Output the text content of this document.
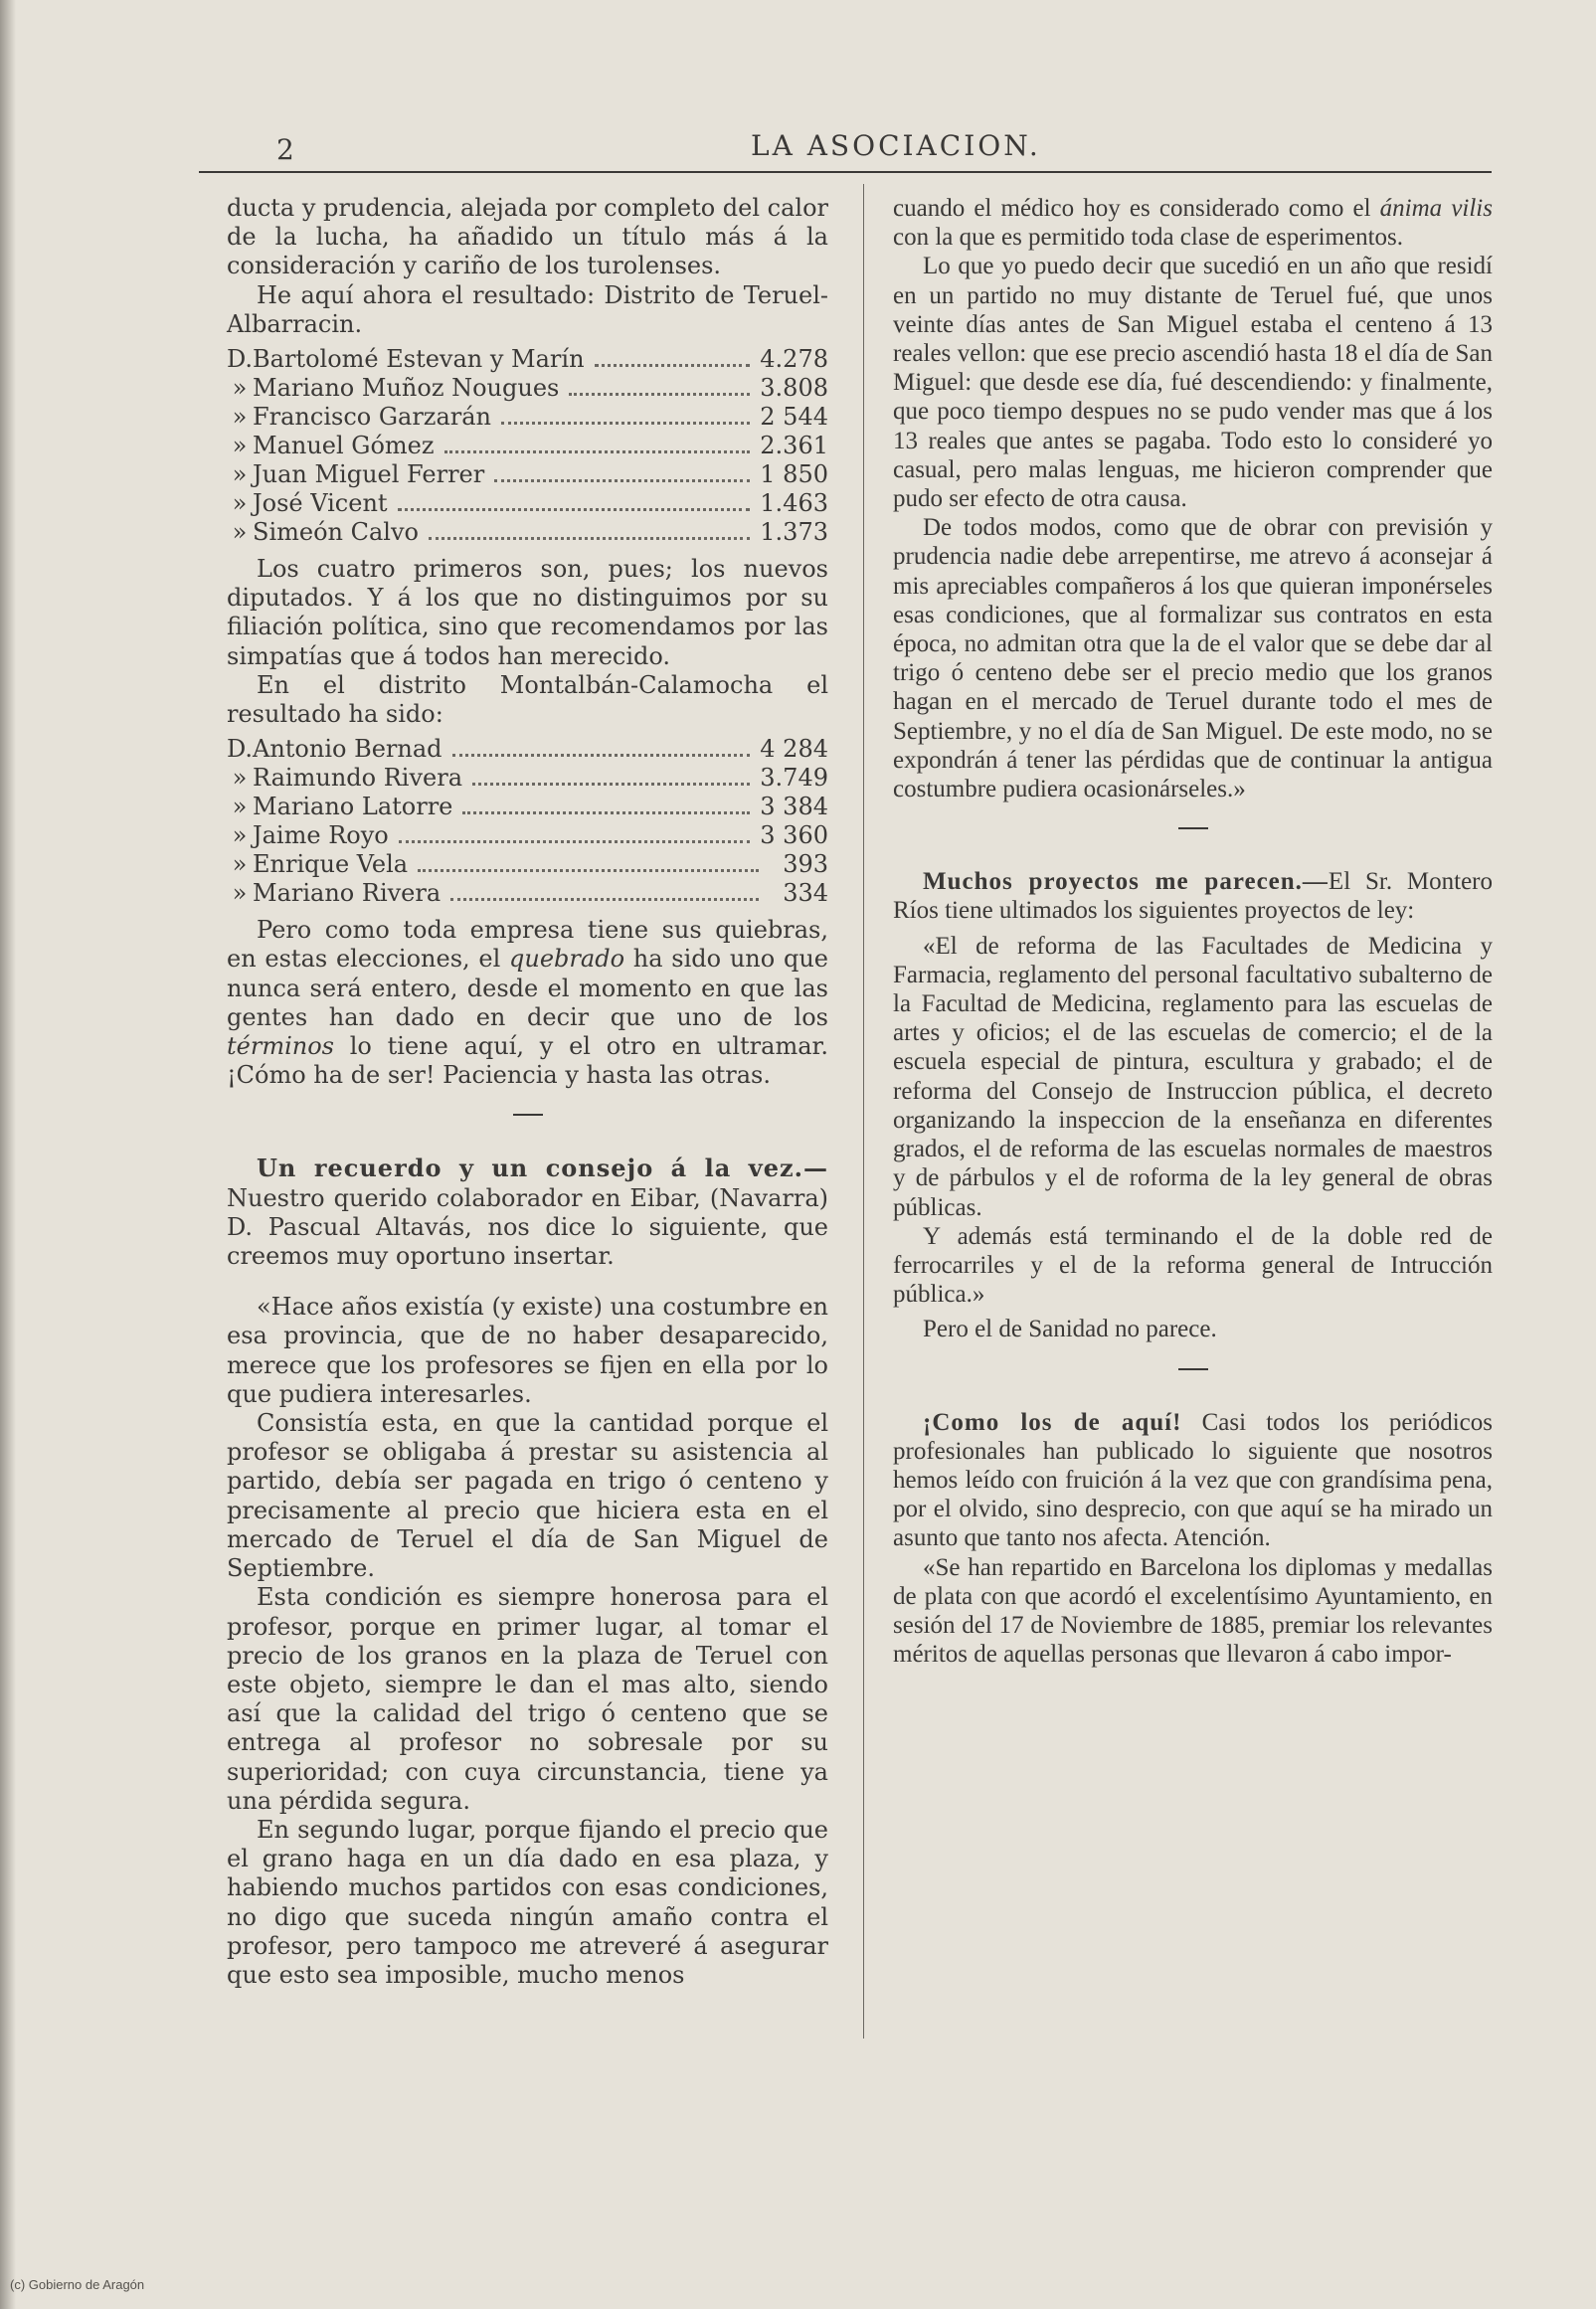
2	LA ASOCIACION.

ducta y prudencia, alejada por completo del calor de la lucha, ha añadido un título más á la consideración y cariño de los turolenses.

He aquí ahora el resultado: Distrito de Teruel-Albarracin.

D. Bartolomé Estevan y Marín	4.278
» Mariano Muñoz Nougues	3.808
» Francisco Garzarán	2 544
» Manuel Gómez	2.361
» Juan Miguel Ferrer	1 850
» José Vicent	1.463
» Simeón Calvo	1.373

Los cuatro primeros son, pues; los nuevos diputados. Y á los que no distinguimos por su filiación política, sino que recomendamos por las simpatías que á todos han merecido.

En el distrito Montalbán-Calamocha el resultado ha sido:

D. Antonio Bernad	4 284
» Raimundo Rivera	3.749
» Mariano Latorre	3 384
» Jaime Royo	3 360
» Enrique Vela	393
» Mariano Rivera	334

Pero como toda empresa tiene sus quiebras, en estas elecciones, el quebrado ha sido uno que nunca será entero, desde el momento en que las gentes han dado en decir que uno de los términos lo tiene aquí, y el otro en ultramar. ¡Cómo ha de ser! Paciencia y hasta las otras.

Un recuerdo y un consejo á la vez.— Nuestro querido colaborador en Eibar, (Navarra) D. Pascual Altavás, nos dice lo siguiente, que creemos muy oportuno insertar.

«Hace años existía (y existe) una costumbre en esa provincia, que de no haber desaparecido, merece que los profesores se fijen en ella por lo que pudiera interesarles.

Consistía esta, en que la cantidad porque el profesor se obligaba á prestar su asistencia al partido, debía ser pagada en trigo ó centeno y precisamente al precio que hiciera esta en el mercado de Teruel el día de San Miguel de Septiembre.

Esta condición es siempre honerosa para el profesor, porque en primer lugar, al tomar el precio de los granos en la plaza de Teruel con este objeto, siempre le dan el mas alto, siendo así que la calidad del trigo ó centeno que se entrega al profesor no sobresale por su superioridad; con cuya circunstancia, tiene ya una pérdida segura.

En segundo lugar, porque fijando el precio que el grano haga en un día dado en esa plaza, y habiendo muchos partidos con esas condiciones, no digo que suceda ningún amaño contra el profesor, pero tampoco me atreveré á asegurar que esto sea imposible, mucho menos

cuando el médico hoy es considerado como el ánima vilis con la que es permitido toda clase de esperimentos.

Lo que yo puedo decir que sucedió en un año que residí en un partido no muy distante de Teruel fué, que unos veinte días antes de San Miguel estaba el centeno á 13 reales vellon: que ese precio ascendió hasta 18 el día de San Miguel: que desde ese día, fué descendiendo: y finalmente, que poco tiempo despues no se pudo vender mas que á los 13 reales que antes se pagaba. Todo esto lo consideré yo casual, pero malas lenguas, me hicieron comprender que pudo ser efecto de otra causa.

De todos modos, como que de obrar con previsión y prudencia nadie debe arrepentirse, me atrevo á aconsejar á mis apreciables compañeros á los que quieran imponérseles esas condiciones, que al formalizar sus contratos en esta época, no admitan otra que la de el valor que se debe dar al trigo ó centeno debe ser el precio medio que los granos hagan en el mercado de Teruel durante todo el mes de Septiembre, y no el día de San Miguel. De este modo, no se expondrán á tener las pérdidas que de continuar la antigua costumbre pudiera ocasionárseles.»

Muchos proyectos me parecen.—El Sr. Montero Ríos tiene ultimados los siguientes proyectos de ley:

«El de reforma de las Facultades de Medicina y Farmacia, reglamento del personal facultativo subalterno de la Facultad de Medicina, reglamento para las escuelas de artes y oficios; el de las escuelas de comercio; el de la escuela especial de pintura, escultura y grabado; el de reforma del Consejo de Instruccion pública, el decreto organizando la inspeccion de la enseñanza en diferentes grados, el de reforma de las escuelas normales de maestros y de párbulos y el de roforma de la ley general de obras públicas.

Y además está terminando el de la doble red de ferrocarriles y el de la reforma general de Intrucción pública.»

Pero el de Sanidad no parece.

¡Como los de aquí! Casi todos los periódicos profesionales han publicado lo siguiente que nosotros hemos leído con fruición á la vez que con grandísima pena, por el olvido, sino desprecio, con que aquí se ha mirado un asunto que tanto nos afecta. Atención.

«Se han repartido en Barcelona los diplomas y medallas de plata con que acordó el excelentísimo Ayuntamiento, en sesión del 17 de Noviembre de 1885, premiar los relevantes méritos de aquellas personas que llevaron á cabo impor-

(c) Gobierno de Aragón
